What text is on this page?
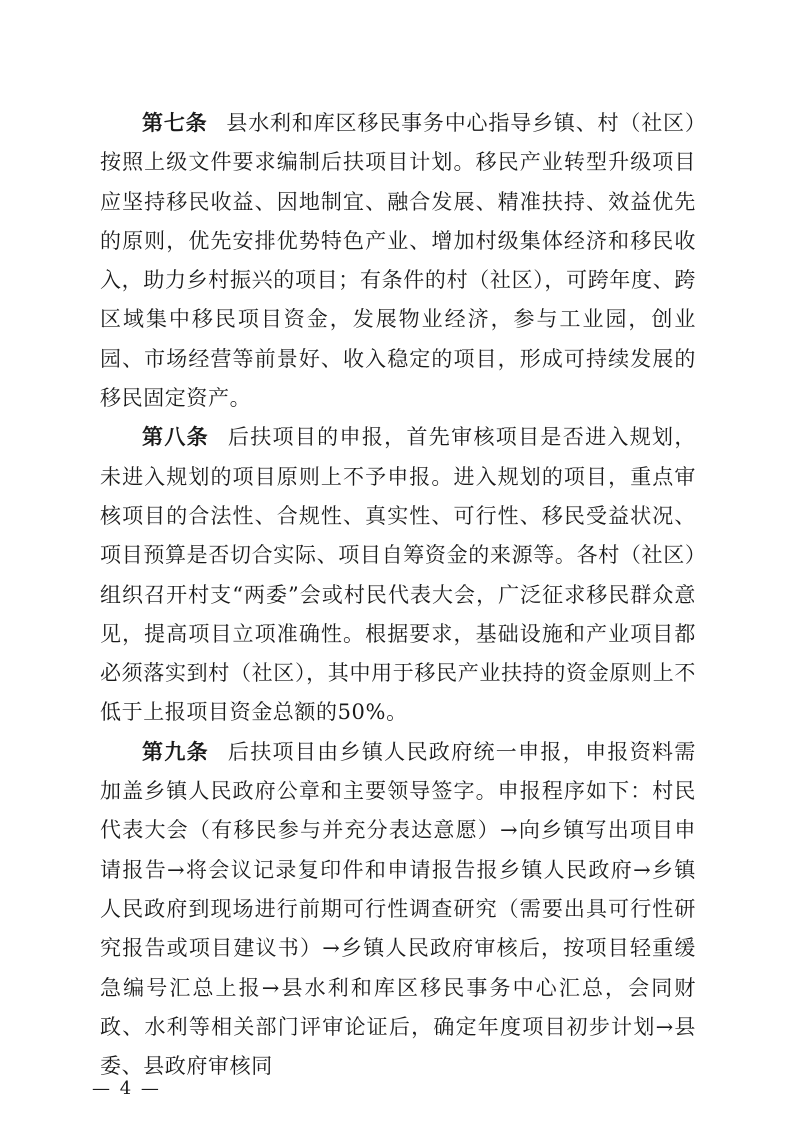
第七条 县水利和库区移民事务中心指导乡镇、村（社区）按照上级文件要求编制后扶项目计划。移民产业转型升级项目应坚持移民收益、因地制宜、融合发展、精准扶持、效益优先的原则，优先安排优势特色产业、增加村级集体经济和移民收入，助力乡村振兴的项目；有条件的村（社区），可跨年度、跨区域集中移民项目资金，发展物业经济，参与工业园，创业园、市场经营等前景好、收入稳定的项目，形成可持续发展的移民固定资产。

第八条 后扶项目的申报，首先审核项目是否进入规划，未进入规划的项目原则上不予申报。进入规划的项目，重点审核项目的合法性、合规性、真实性、可行性、移民受益状况、项目预算是否切合实际、项目自筹资金的来源等。各村（社区）组织召开村支“两委”会或村民代表大会，广泛征求移民群众意见，提高项目立项准确性。根据要求，基础设施和产业项目都必须落实到村（社区），其中用于移民产业扶持的资金原则上不低于上报项目资金总额的50%。

第九条 后扶项目由乡镇人民政府统一申报，申报资料需加盖乡镇人民政府公章和主要领导签字。申报程序如下：村民代表大会（有移民参与并充分表达意愿）→向乡镇写出项目申请报告→将会议记录复印件和申请报告报乡镇人民政府→乡镇人民政府到现场进行前期可行性调查研究（需要出具可行性研究报告或项目建议书）→乡镇人民政府审核后，按项目轻重缓急编号汇总上报→县水利和库区移民事务中心汇总，会同财政、水利等相关部门评审论证后，确定年度项目初步计划→县委、县政府审核同

— 4 —
